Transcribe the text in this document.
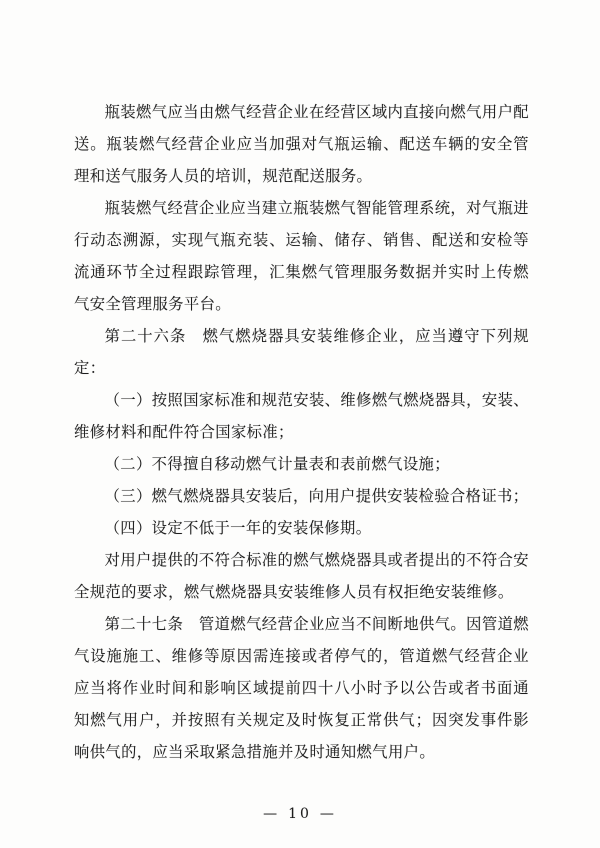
瓶装燃气应当由燃气经营企业在经营区域内直接向燃气用户配送。瓶装燃气经营企业应当加强对气瓶运输、配送车辆的安全管理和送气服务人员的培训，规范配送服务。

瓶装燃气经营企业应当建立瓶装燃气智能管理系统，对气瓶进行动态溯源，实现气瓶充装、运输、储存、销售、配送和安检等流通环节全过程跟踪管理，汇集燃气管理服务数据并实时上传燃气安全管理服务平台。

第二十六条　燃气燃烧器具安装维修企业，应当遵守下列规定：

（一）按照国家标准和规范安装、维修燃气燃烧器具，安装、维修材料和配件符合国家标准；

（二）不得擅自移动燃气计量表和表前燃气设施；

（三）燃气燃烧器具安装后，向用户提供安装检验合格证书；

（四）设定不低于一年的安装保修期。

对用户提供的不符合标准的燃气燃烧器具或者提出的不符合安全规范的要求，燃气燃烧器具安装维修人员有权拒绝安装维修。

第二十七条　管道燃气经营企业应当不间断地供气。因管道燃气设施施工、维修等原因需连接或者停气的，管道燃气经营企业应当将作业时间和影响区域提前四十八小时予以公告或者书面通知燃气用户，并按照有关规定及时恢复正常供气；因突发事件影响供气的，应当采取紧急措施并及时通知燃气用户。

— 10 —
